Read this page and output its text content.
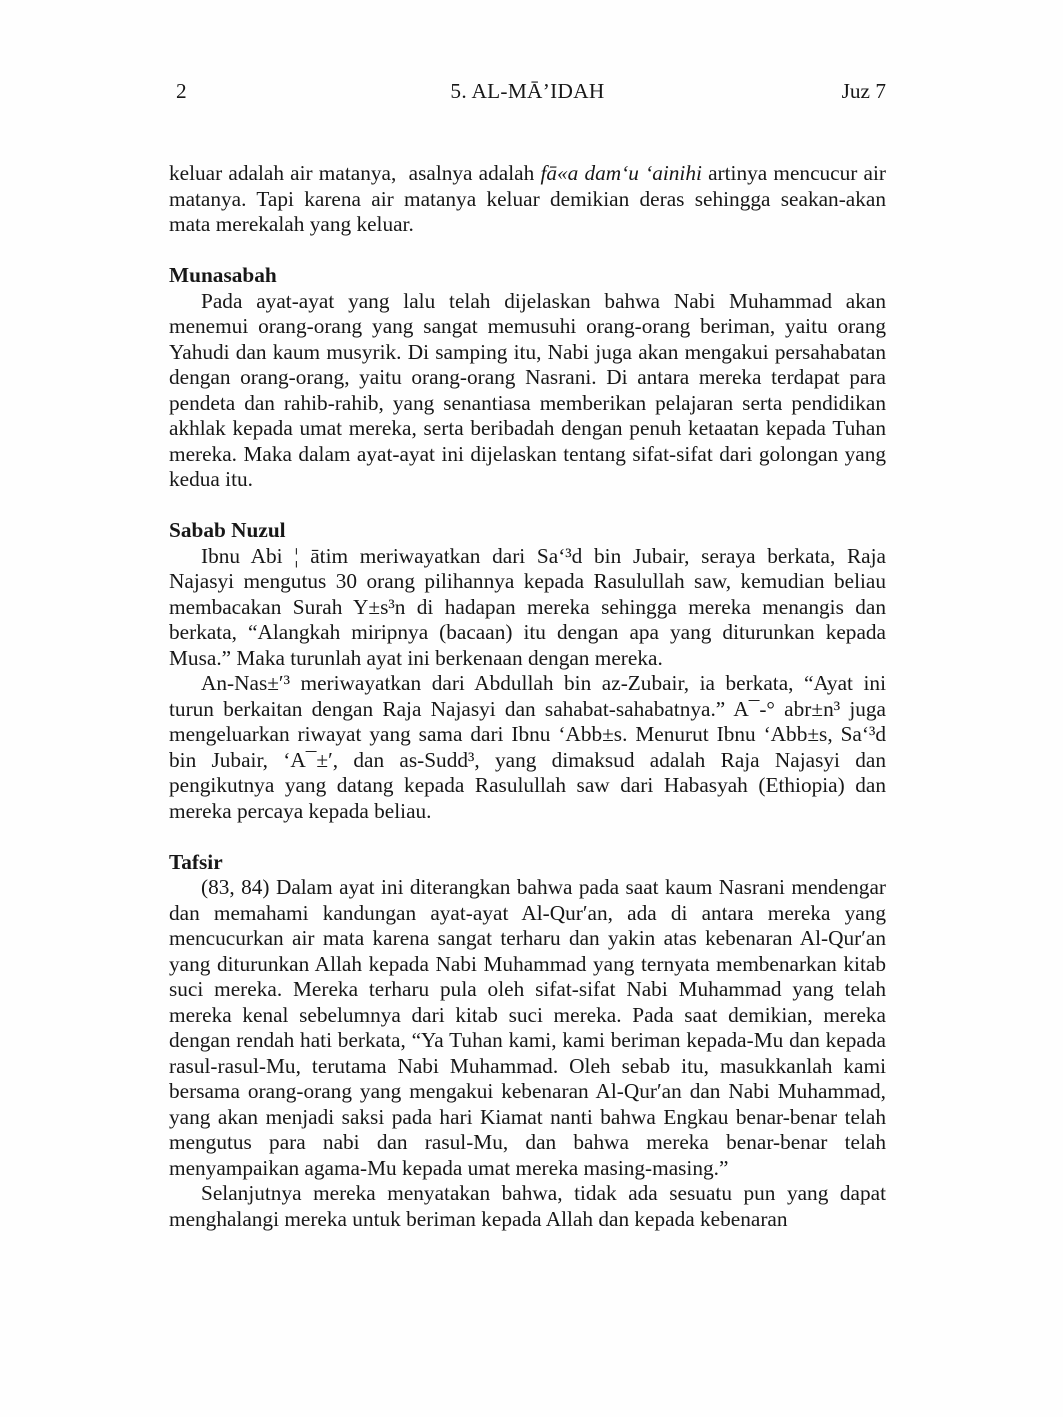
2	5. AL-MĀ’IDAH	Juz 7

keluar adalah air matanya,  asalnya adalah fā«a dam‘u ‘ainihi artinya mencucur air matanya. Tapi karena air matanya keluar demikian deras sehingga seakan-akan mata merekalah yang keluar.

Munasabah

Pada ayat-ayat yang lalu telah dijelaskan bahwa Nabi Muhammad akan menemui orang-orang yang sangat memusuhi orang-orang beriman, yaitu orang Yahudi dan kaum musyrik. Di samping itu, Nabi juga akan mengakui persahabatan dengan orang-orang, yaitu orang-orang Nasrani. Di antara mereka terdapat para pendeta dan rahib-rahib, yang senantiasa memberikan pelajaran serta pendidikan akhlak kepada umat mereka, serta beribadah dengan penuh ketaatan kepada Tuhan mereka. Maka dalam ayat-ayat ini dijelaskan tentang sifat-sifat dari golongan yang kedua itu.

Sabab Nuzul

Ibnu Abi ¦ ātim meriwayatkan dari Sa‘³d bin Jubair, seraya berkata, Raja Najasyi mengutus 30 orang pilihannya kepada Rasulullah saw, kemudian beliau membacakan Surah Y±s³n di hadapan mereka sehingga mereka menangis dan berkata, “Alangkah miripnya (bacaan) itu dengan apa yang diturunkan kepada Musa.” Maka turunlah ayat ini berkenaan dengan mereka.

An-Nas±′³ meriwayatkan dari Abdullah bin az-Zubair, ia berkata, “Ayat ini turun berkaitan dengan Raja Najasyi dan sahabat-sahabatnya.” A¯-° abr±n³ juga mengeluarkan riwayat yang sama dari Ibnu ‘Abb±s. Menurut Ibnu ‘Abb±s, Sa‘³d bin Jubair, ‘A¯±′, dan as-Sudd³, yang dimaksud adalah Raja Najasyi dan pengikutnya yang datang kepada Rasulullah saw dari Habasyah (Ethiopia) dan mereka percaya kepada beliau.

Tafsir

(83, 84) Dalam ayat ini diterangkan bahwa pada saat kaum Nasrani mendengar dan memahami kandungan ayat-ayat Al-Qur′an, ada di antara mereka yang mencucurkan air mata karena sangat terharu dan yakin atas kebenaran Al-Qur′an yang diturunkan Allah kepada Nabi Muhammad yang ternyata membenarkan kitab suci mereka. Mereka terharu pula oleh sifat-sifat Nabi Muhammad yang telah mereka kenal sebelumnya dari kitab suci mereka. Pada saat demikian, mereka dengan rendah hati berkata, “Ya Tuhan kami, kami beriman kepada-Mu dan kepada rasul-rasul-Mu, terutama Nabi Muhammad. Oleh sebab itu, masukkanlah kami bersama orang-orang yang mengakui kebenaran Al-Qur′an dan Nabi Muhammad, yang akan menjadi saksi pada hari Kiamat nanti bahwa Engkau benar-benar telah mengutus para nabi dan rasul-Mu, dan bahwa mereka benar-benar telah menyampaikan agama-Mu kepada umat mereka masing-masing.”

Selanjutnya mereka menyatakan bahwa, tidak ada sesuatu pun yang dapat menghalangi mereka untuk beriman kepada Allah dan kepada kebenaran
